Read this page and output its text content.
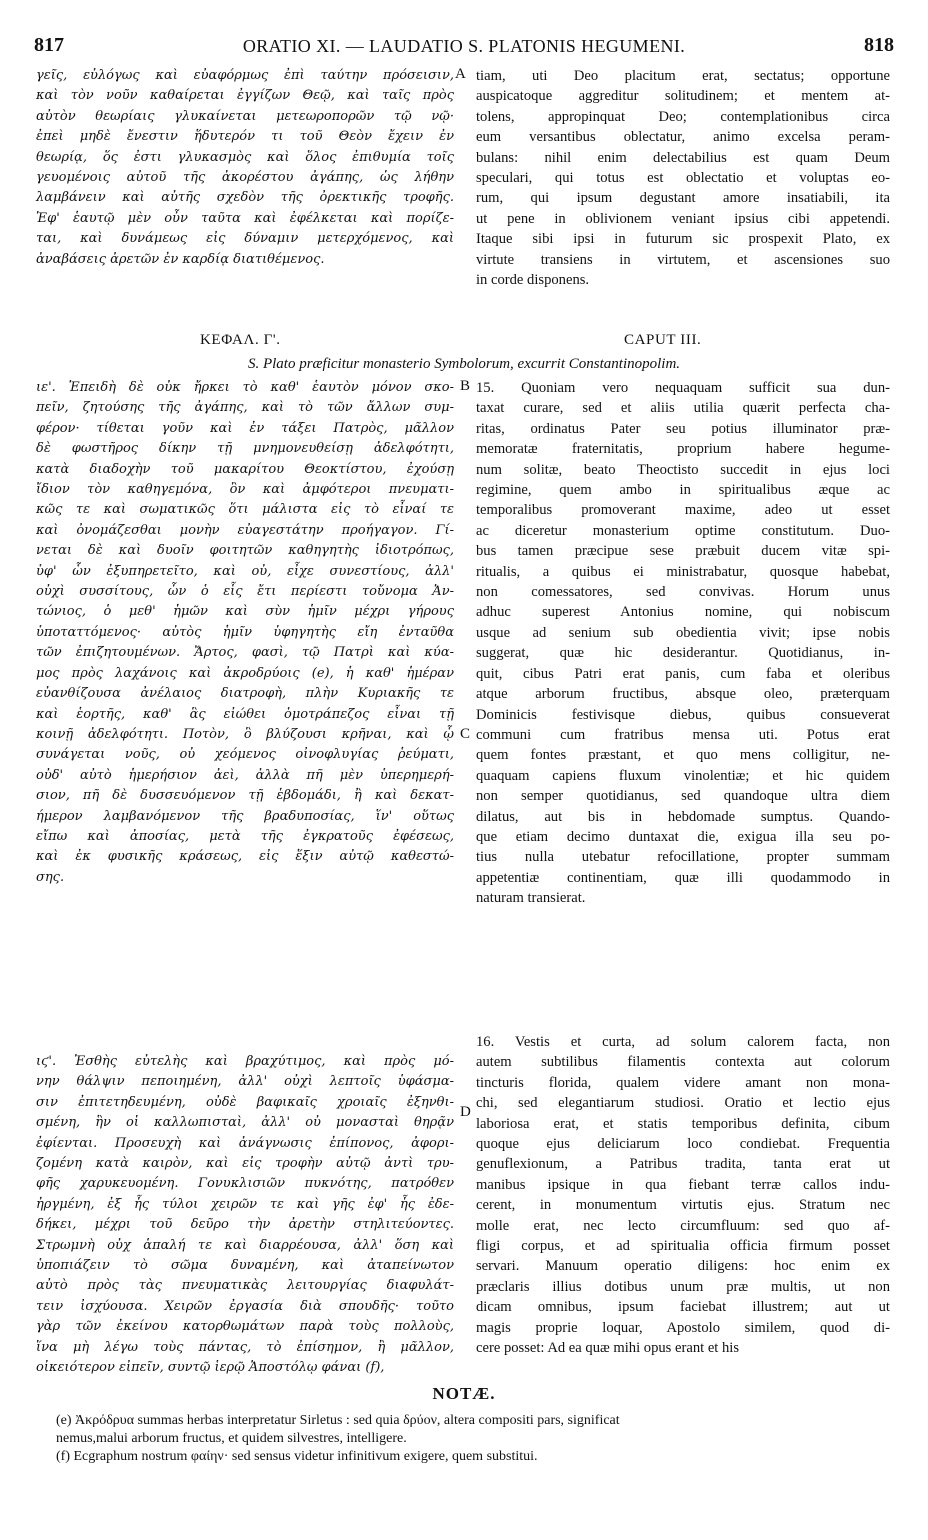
817	ORATIO XI. — LAUDATIO S. PLATONIS HEGUMENI.	818
A
B
C
D
γεῖς, εὐλόγως καὶ εὐαφόρμως ἐπὶ ταύτην πρόσεισιν,
καὶ τὸν νοῦν καθαίρεται ἐγγίζων Θεῷ, καὶ ταῖς πρὸς
αὐτὸν θεωρίαις γλυκαίνεται μετεωροπορῶν τῷ νῷ·
ἐπεὶ μηδὲ ἔνεστιν ἥδυτερόν τι τοῦ Θεὸν ἔχειν ἐν
θεωρίᾳ, ὅς ἐστι γλυκασμὸς καὶ ὅλος ἐπιθυμία τοῖς
γευομένοις αὐτοῦ τῆς ἀκορέστου ἀγάπης, ὡς λήθην
λαμβάνειν καὶ αὐτῆς σχεδὸν τῆς ὀρεκτικῆς τροφῆς.
Ἐφ' ἑαυτῷ μὲν οὖν ταῦτα καὶ ἐφέλκεται καὶ πορίζε-
ται, καὶ δυνάμεως εἰς δύναμιν μετερχόμενος, καὶ
ἀναβάσεις ἀρετῶν ἐν καρδίᾳ διατιθέμενος.
tiam, uti Deo placitum erat, sectatus; opportune
auspicatoque aggreditur solitudinem; et mentem at-
tolens, appropinquat Deo; contemplationibus circa
eum versantibus oblectatur, animo excelsa peram-
bulans: nihil enim delectabilius est quam Deum
speculari, qui totus est oblectatio et voluptas eo-
rum, qui ipsum degustant amore insatiabili, ita
ut pene in oblivionem veniant ipsius cibi appetendi.
Itaque sibi ipsi in futurum sic prospexit Plato, ex
virtute transiens in virtutem, et ascensiones suo
in corde disponens.
ΚΕΦΑΛ. Γ'.	CAPUT III.
S. Plato præficitur monasterio Symbolorum, excurrit Constantinopolim.
ιε'. Ἐπειδὴ δὲ οὐκ ἤρκει τὸ καθ' ἑαυτὸν μόνον σκο-
πεῖν, ζητούσης τῆς ἀγάπης, καὶ τὸ τῶν ἄλλων συμ-
φέρον· τίθεται γοῦν καὶ ἐν τάξει Πατρὸς, μᾶλλον
δὲ φωστῆρος δίκην τῇ μνημονευθείσῃ ἀδελφότητι,
κατὰ διαδοχὴν τοῦ μακαρίτου Θεοκτίστου, ἐχούσῃ
ἴδιον τὸν καθηγεμόνα, ὃν καὶ ἀμφότεροι πνευματι-
κῶς τε καὶ σωματικῶς ὅτι μάλιστα εἰς τὸ εἶναί τε
καὶ ὀνομάζεσθαι μονὴν εὐαγεστάτην προήγαγον. Γί-
νεται δὲ καὶ δυοῖν φοιτητῶν καθηγητὴς ἰδιοτρόπως,
ὑφ' ὧν ἐξυπηρετεῖτο, καὶ οὐ, εἶχε συνεστίους, ἀλλ'
οὐχὶ συσσίτους, ὧν ὁ εἷς ἔτι περίεστι τοὔνομα Ἀν-
τώνιος, ὁ μεθ' ἡμῶν καὶ σὺν ἡμῖν μέχρι γήρους
ὑποταττόμενος· αὐτὸς ἡμῖν ὑφηγητὴς εἴη ἐνταῦθα
τῶν ἐπιζητουμένων. Ἄρτος, φασὶ, τῷ Πατρὶ καὶ κύα-
μος πρὸς λαχάνοις καὶ ἀκροδρύοις (e), ἡ καθ' ἡμέραν
εὐανθίζουσα ἀνέλαιος διατροφὴ, πλὴν Κυριακῆς τε
καὶ ἑορτῆς, καθ' ἃς εἰώθει ὁμοτράπεζος εἶναι τῇ
κοινῇ ἀδελφότητι. Ποτὸν, ὃ βλύζουσι κρῆναι, καὶ ᾧ
συνάγεται νοῦς, οὐ χεόμενος οἰνοφλυγίας ῥεύματι,
οὐδ' αὐτὸ ἡμερήσιον ἀεὶ, ἀλλὰ πῆ μὲν ὑπερημερή-
σιον, πῆ δὲ δυσσευόμενον τῇ ἑβδομάδι, ἢ καὶ δεκατ-
ήμερον λαμβανόμενον τῆς βραδυποσίας, ἵν' οὕτως
εἴπω καὶ ἀποσίας, μετὰ τῆς ἐγκρατοῦς ἐφέσεως,
καὶ ἐκ φυσικῆς κράσεως, εἰς ἕξιν αὐτῷ καθεστώ-
σης.
15. Quoniam vero nequaquam sufficit sua dun-
taxat curare, sed et aliis utilia quærit perfecta cha-
ritas, ordinatus Pater seu potius illuminator præ-
memoratæ fraternitatis, proprium habere hegume-
num solitæ, beato Theoctisto succedit in ejus loci
regimine, quem ambo in spiritualibus æque ac
temporalibus promoverant maxime, adeo ut esset
ac diceretur monasterium optime constitutum. Duo-
bus tamen præcipue sese præbuit ducem vitæ spi-
ritualis, a quibus ei ministrabatur, quosque habebat,
non comessatores, sed convivas. Horum unus
adhuc superest Antonius nomine, qui nobiscum
usque ad senium sub obedientia vivit; ipse nobis
suggerat, quæ hic desiderantur. Quotidianus, in-
quit, cibus Patri erat panis, cum faba et oleribus
atque arborum fructibus, absque oleo, præterquam
Dominicis festivisque diebus, quibus consueverat
communi cum fratribus mensa uti. Potus erat
quem fontes præstant, et quo mens colligitur, ne-
quaquam capiens fluxum vinolentiæ; et hic quidem
non semper quotidianus, sed quandoque ultra diem
dilatus, aut bis in hebdomade sumptus. Quando-
que etiam decimo duntaxat die, exigua illa seu po-
tius nulla utebatur refocillatione, propter summam
appetentiæ continentiam, quæ illi quodammodo in
naturam transierat.
ιϛ'. Ἐσθὴς εὐτελὴς καὶ βραχύτιμος, καὶ πρὸς μό-
νην θάλψιν πεποιημένη, ἀλλ' οὐχὶ λεπτοῖς ὑφάσμα-
σιν ἐπιτετηδευμένη, οὐδὲ βαφικαῖς χροιαῖς ἐξηνθι-
σμένη, ἣν οἱ καλλωπισταὶ, ἀλλ' οὐ μονασταὶ θηρᾷν
ἐφίενται. Προσευχὴ καὶ ἀνάγνωσις ἐπίπονος, ἀφορι-
ζομένη κατὰ καιρὸν, καὶ εἰς τροφὴν αὐτῷ ἀντὶ τρυ-
φῆς χαρυκευομένη. Γονυκλισιῶν πυκνότης, πατρόθεν
ἠργμένη, ἐξ ἧς τύλοι χειρῶν τε καὶ γῆς ἐφ' ἧς ἐδε-
δήκει, μέχρι τοῦ δεῦρο τὴν ἀρετὴν στηλιτεύοντες.
Στρωμνὴ οὐχ ἁπαλή τε καὶ διαρρέουσα, ἀλλ' ὅση καὶ
ὑποπιάζειν τὸ σῶμα δυναμένη, καὶ ἀταπείνωτον
αὐτὸ πρὸς τὰς πνευματικὰς λειτουργίας διαφυλάτ-
τειν ἰσχύουσα. Χειρῶν ἐργασία διὰ σπουδῆς· τοῦτο
γὰρ τῶν ἐκείνου κατορθωμάτων παρὰ τοὺς πολλοὺς,
ἵνα μὴ λέγω τοὺς πάντας, τὸ ἐπίσημον, ἢ μᾶλλον,
οἰκειότερον εἰπεῖν, συντῷ ἱερῷ Ἀποστόλῳ φάναι (f),
16. Vestis et curta, ad solum calorem facta, non
autem subtilibus filamentis contexta aut colorum
tincturis florida, qualem videre amant non mona-
chi, sed elegantiarum studiosi. Oratio et lectio ejus
laboriosa erat, et statis temporibus definita, cibum
quoque ejus deliciarum loco condiebat. Frequentia
genuflexionum, a Patribus tradita, tanta erat ut
manibus ipsique in qua fiebant terræ callos indu-
cerent, in monumentum virtutis ejus. Stratum nec
molle erat, nec lecto circumfluum: sed quo af-
fligi corpus, et ad spiritualia officia firmum posset
servari. Manuum operatio diligens: hoc enim ex
præclaris illius dotibus unum præ multis, ut non
dicam omnibus, ipsum faciebat illustrem; aut ut
magis proprie loquar, Apostolo similem, quod di-
cere posset: Ad ea quæ mihi opus erant et his
NOTÆ.
(e) Ἀκρόδρυα summas herbas interpretatur Sirletus : sed quia δρύον, altera compositi pars, significat
nemus,malui arborum fructus, et quidem silvestres, intelligere.
(f) Ecgraphum nostrum φαίην· sed sensus videtur infinitivum exigere, quem substitui.
